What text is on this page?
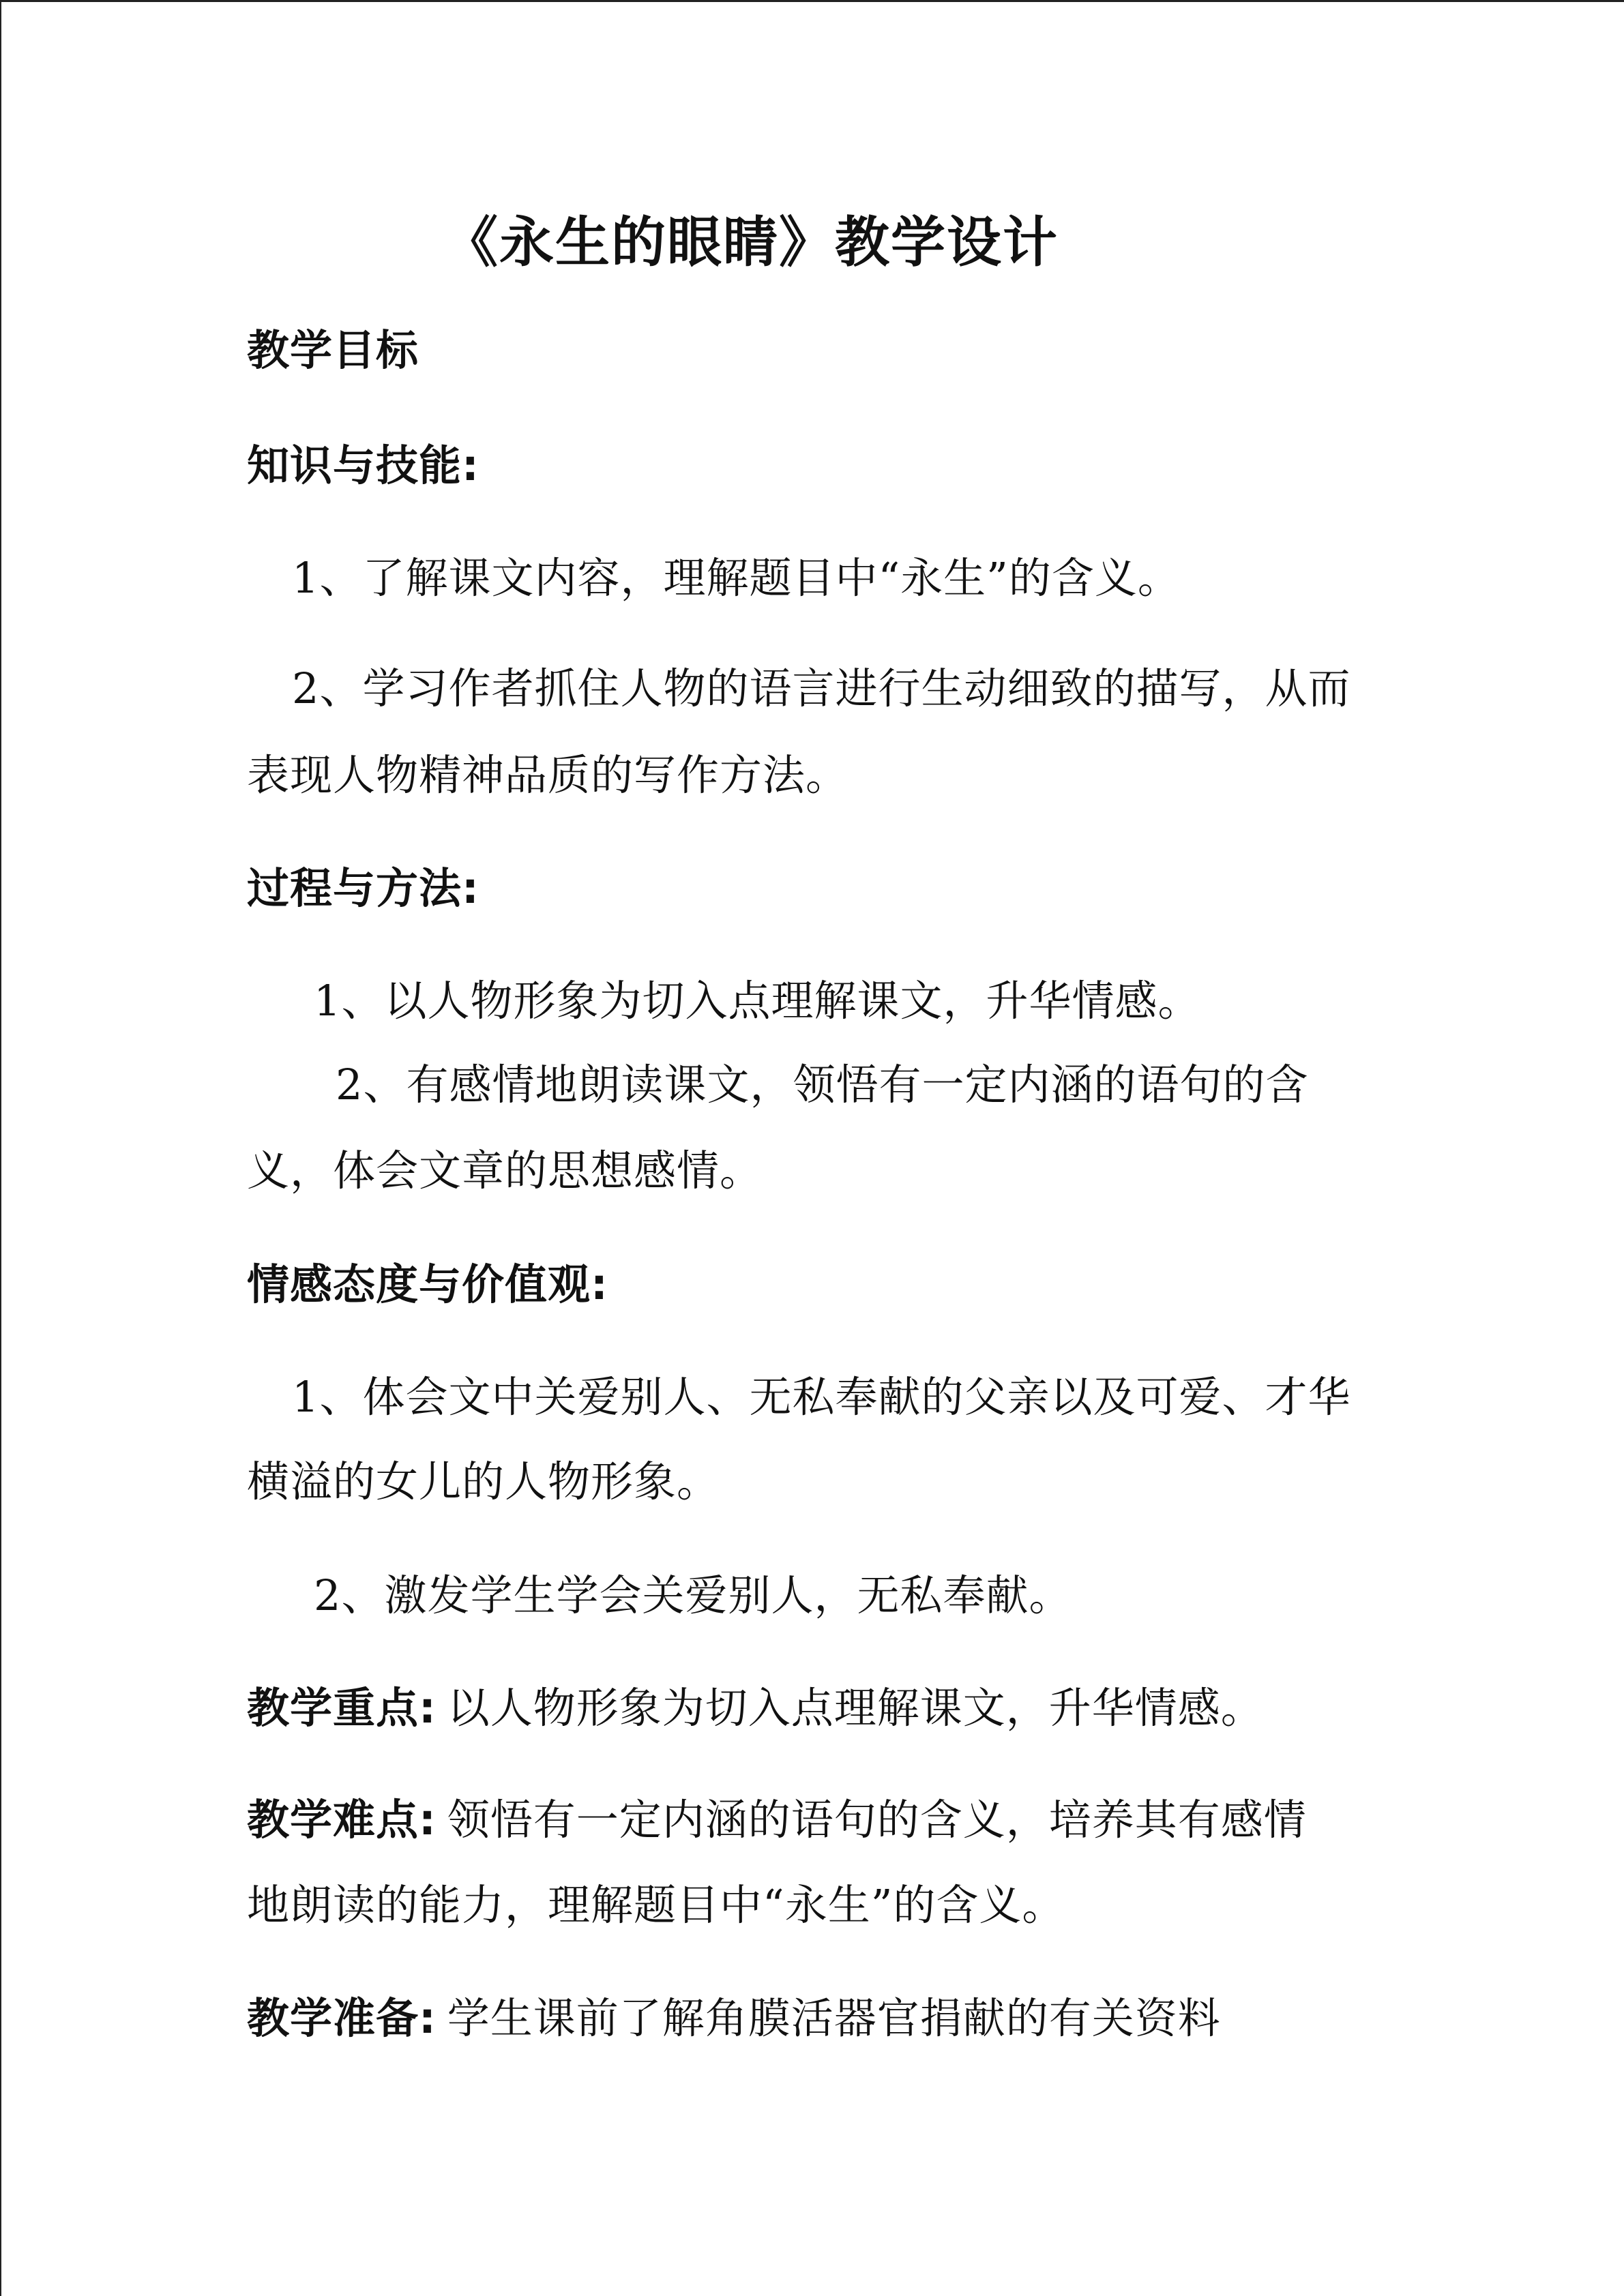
《永生的眼睛》教学设计
教学目标
知识与技能:
1、了解课文内容，理解题目中“永生”的含义。
2、学习作者抓住人物的语言进行生动细致的描写，从而
表现人物精神品质的写作方法。
过程与方法:
1、以人物形象为切入点理解课文，升华情感。
2、有感情地朗读课文，领悟有一定内涵的语句的含
义，体会文章的思想感情。
情感态度与价值观:
1、体会文中关爱别人、无私奉献的父亲以及可爱、才华
横溢的女儿的人物形象。
2、激发学生学会关爱别人，无私奉献。
教学重点: 以人物形象为切入点理解课文，升华情感。
教学难点: 领悟有一定内涵的语句的含义，培养其有感情
地朗读的能力，理解题目中“永生”的含义。
教学准备: 学生课前了解角膜活器官捐献的有关资料
